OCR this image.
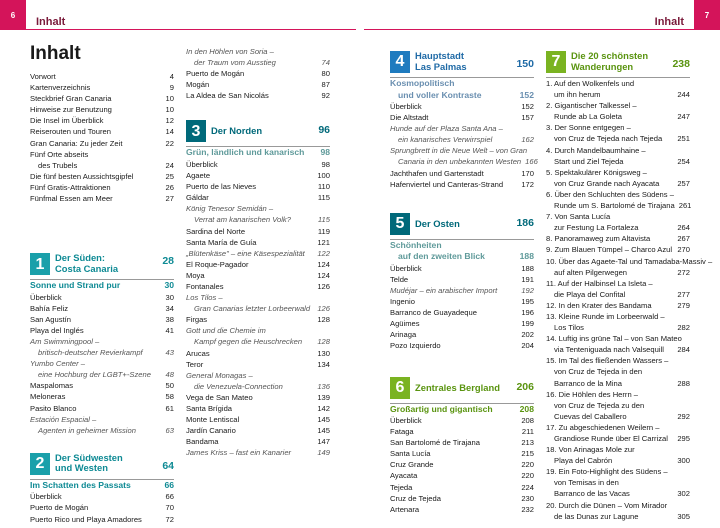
6
Inhalt
7
Inhalt
Inhalt
Vorwort	4
Kartenverzeichnis	9
Steckbrief Gran Canaria	10
Hinweise zur Benutzung	10
Die Insel im Überblick	12
Reiserouten und Touren	14
Gran Canaria: Zu jeder Zeit	22
Fünf Orte abseits
des Trubels	24
Die fünf besten Aussichtsgipfel	25
Fünf Gratis-Attraktionen	26
Fünfmal Essen am Meer	27
1	Der Süden:
Costa Canaria
28
Sonne und Strand pur	30
Überblick	30
Bahía Feliz	34
San Agustín	38
Playa del Inglés	41
Am Swimmingpool –
britisch-deutscher Revierkampf	43
Yumbo Center –
eine Hochburg der LGBT+-Szene 48
Maspalomas	50
Meloneras	58
Pasito Blanco	61
Estación Espacial –
Agenten in geheimer Mission	63
2	Der Südwesten
und Westen	64
Im Schatten des Passats	66
Überblick	66
Puerto de Mogán	70
Puerto Rico und Playa Amadores	72
In den Höhlen von Soria –
der Traum vom Ausstieg	74
Puerto de Mogán	80
Mogán	87
La Aldea de San Nicolás	92
3	Der Norden	96
Grün, ländlich und kanarisch 98
Überblick	98
Agaete	100
Puerto de las Nieves	110
Gáldar	115
König Tenesor Semidán –
Verrat am kanarischen Volk?	115
Sardina del Norte	119
Santa María de Guía	121
„Blütenkäse" – eine Käsespezialität 122
El Roque-Pagador	124
Moya	124
Fontanales	126
Los Tilos –
Gran Canarias letzter Lorbeerwald 126
Firgas	128
Gott und die Chemie im
Kampf gegen die Heuschrecken 128
Arucas	130
Teror	134
General Monagas –
die Venezuela-Connection	136
Vega de San Mateo	139
Santa Brígida	142
Monte Lentiscal	145
Jardín Canario	145
Bandama	147
James Kriss – fast ein Kanarier	149
4	Hauptstadt
Las Palmas	150
Kosmopolitisch
und voller Kontraste	152
Überblick	152
Die Altstadt	157
Hunde auf der Plaza Santa Ana –
ein kanarisches Verwirrspiel	162
Sprungbrett in die Neue Welt – von Gran
Canaria in den unbekannten Westen 166
Jachthafen und Gartenstadt	170
Hafenviertel und Canteras-Strand 172
5	Der Osten	186
Schönheiten
auf den zweiten Blick	188
Überblick	188
Telde	191
Mudéjar – ein arabischer Import	192
Ingenio	195
Barranco de Guayadeque	196
Agüimes	199
Arinaga	202
Pozo Izquierdo	204
6	Zentrales Bergland	206
Großartig und gigantisch	208
Überblick	208
Fataga	211
San Bartolomé de Tirajana	213
Santa Lucía	215
Cruz Grande	220
Ayacata	220
Tejeda	224
Cruz de Tejeda	230
Artenara	232
7	Die 20 schönsten
Wanderungen	238
1. Auf den Wolkenfels und
um ihn herum	244
2. Gigantischer Talkessel –
Runde ab La Goleta	247
3. Der Sonne entgegen –
von Cruz de Tejeda nach Tejeda 251
4. Durch Mandelbaumhaine –
Start und Ziel Tejeda	254
5. Spektakulärer Königsweg –
von Cruz Grande nach Ayacata 257
6. Über den Schluchten des Südens –
Runde um S. Bartolomé de Tirajana 261
7. Von Santa Lucía
zur Festung La Fortaleza	264
8. Panoramaweg zum Altavista	267
9. Zum Blauen Tümpel – Charco Azul 270
10. Über das Agaete-Tal und Tamadaba-Massiv –
auf alten Pilgerwegen	272
11. Auf der Halbinsel La Isleta –
die Playa del Confital	277
12. In den Krater des Bandama	279
13. Kleine Runde im Lorbeerwald –
Los Tilos	282
14. Luftig ins grüne Tal – von San Mateo
via Tenteniguada nach Valsequill 284
15. Im Tal des fließenden Wassers –
von Cruz de Tejeda in den
Barranco de la Mina	288
16. Die Höhlen des Herrn –
von Cruz de Tejeda zu den
Cuevas del Caballero	292
17. Zu abgeschiedenen Weilern –
Grandiose Runde über El Carrizal 295
18. Von Arinagas Mole zur
Playa del Cabrón	300
19. Ein Foto-Highlight des Südens –
von Temisas in den
Barranco de las Vacas	302
20. Durch die Dünen – Vom Mirador
de las Dunas zur Lagune	305
